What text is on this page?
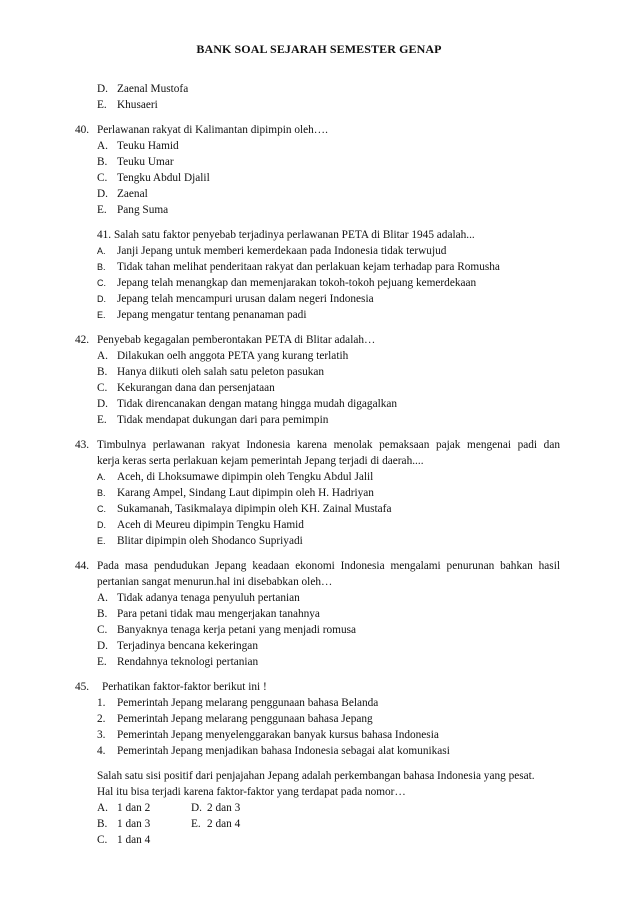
BANK SOAL SEJARAH SEMESTER GENAP
D. Zaenal Mustofa
E. Khusaeri
40. Perlawanan rakyat di Kalimantan dipimpin oleh….
A. Teuku Hamid
B. Teuku Umar
C. Tengku Abdul Djalil
D. Zaenal
E. Pang Suma
41. Salah satu faktor penyebab terjadinya perlawanan PETA di Blitar 1945 adalah...
A. Janji Jepang untuk memberi kemerdekaan pada Indonesia tidak terwujud
B. Tidak tahan melihat penderitaan rakyat dan perlakuan kejam terhadap para Romusha
C. Jepang telah menangkap dan memenjarakan tokoh-tokoh pejuang kemerdekaan
D. Jepang telah mencampuri urusan dalam negeri Indonesia
E. Jepang mengatur tentang penanaman padi
42. Penyebab kegagalan pemberontakan PETA di Blitar adalah…
A. Dilakukan oelh anggota PETA yang kurang terlatih
B. Hanya diikuti oleh salah satu peleton pasukan
C. Kekurangan dana dan persenjataan
D. Tidak direncanakan dengan matang hingga mudah digagalkan
E. Tidak mendapat dukungan dari para pemimpin
43. Timbulnya perlawanan rakyat Indonesia karena menolak pemaksaan pajak mengenai padi dan
kerja keras serta perlakuan kejam pemerintah Jepang terjadi di daerah....
A. Aceh, di Lhoksumawe dipimpin oleh Tengku Abdul Jalil
B. Karang Ampel, Sindang Laut dipimpin oleh H. Hadriyan
C. Sukamanah, Tasikmalaya dipimpin oleh KH. Zainal Mustafa
D. Aceh di Meureu dipimpin Tengku Hamid
E. Blitar dipimpin oleh Shodanco Supriyadi
44. Pada masa pendudukan Jepang keadaan ekonomi Indonesia mengalami penurunan bahkan hasil
pertanian sangat menurun.hal ini disebabkan oleh…
A. Tidak adanya tenaga penyuluh pertanian
B. Para petani tidak mau mengerjakan tanahnya
C. Banyaknya tenaga kerja petani yang menjadi romusa
D. Terjadinya bencana kekeringan
E. Rendahnya teknologi pertanian
45. Perhatikan faktor-faktor berikut ini !
1. Pemerintah Jepang melarang penggunaan bahasa Belanda
2. Pemerintah Jepang melarang penggunaan bahasa Jepang
3. Pemerintah Jepang menyelenggarakan banyak kursus bahasa Indonesia
4. Pemerintah Jepang menjadikan bahasa Indonesia sebagai alat komunikasi
Salah satu sisi positif dari penjajahan Jepang adalah perkembangan bahasa Indonesia yang pesat.
Hal itu bisa terjadi karena faktor-faktor yang terdapat pada nomor…
A. 1 dan 2	D. 2 dan 3
B. 1 dan 3	E. 2 dan 4
C. 1 dan 4
